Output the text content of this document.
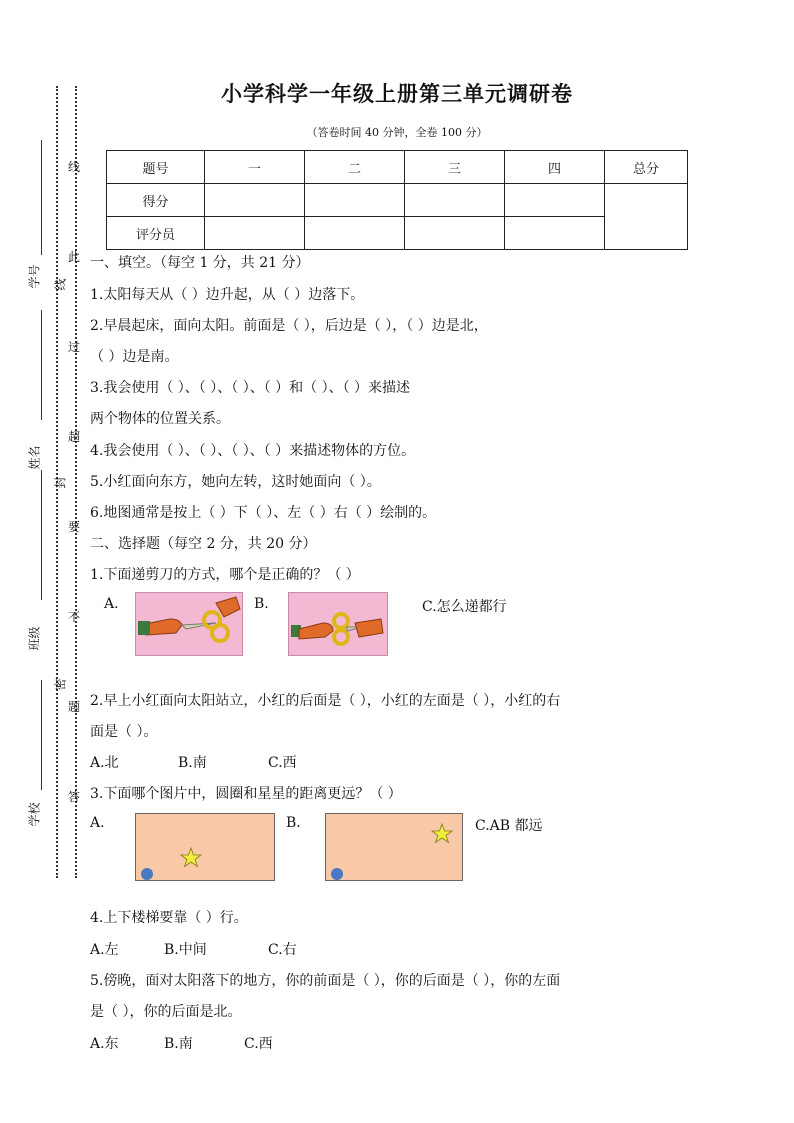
学号
姓名
班级
学校
线
封
密
线
此
过
超
要
不
题
答
小学科学一年级上册第三单元调研卷
（答卷时间 40 分钟，全卷 100 分）
题号	一	二	三	四	总分
得分					
评分员					
一、填空。（每空 1 分，共 21 分）
1.太阳每天从（ ）边升起，从（ ）边落下。
2.早晨起床，面向太阳。前面是（ ），后边是（ ），（ ）边是北，
（ ）边是南。
3.我会使用（ ）、（ ）、（ ）、（ ）和（ ）、（ ）来描述
两个物体的位置关系。
4.我会使用（ ）、（ ）、（ ）、（ ）来描述物体的方位。
5.小红面向东方，她向左转，这时她面向（ ）。
6.地图通常是按上（ ）下（ ）、左（ ）右（ ）绘制的。
二、选择题（每空 2 分，共 20 分）
1.下面递剪刀的方式，哪个是正确的？（ ）
A.	B.	C.怎么递都行
2.早上小红面向太阳站立，小红的后面是（ ），小红的左面是（ ），小红的右
面是（ ）。
A.北	B.南	C.西
3.下面哪个图片中，圆圈和星星的距离更远？（ ）
A.	B.	C.AB 都远
4.上下楼梯要靠（ ）行。
A.左	B.中间	C.右
5.傍晚，面对太阳落下的地方，你的前面是（ ），你的后面是（ ），你的左面
是（ ），你的后面是北。
A.东	B.南	C.西
